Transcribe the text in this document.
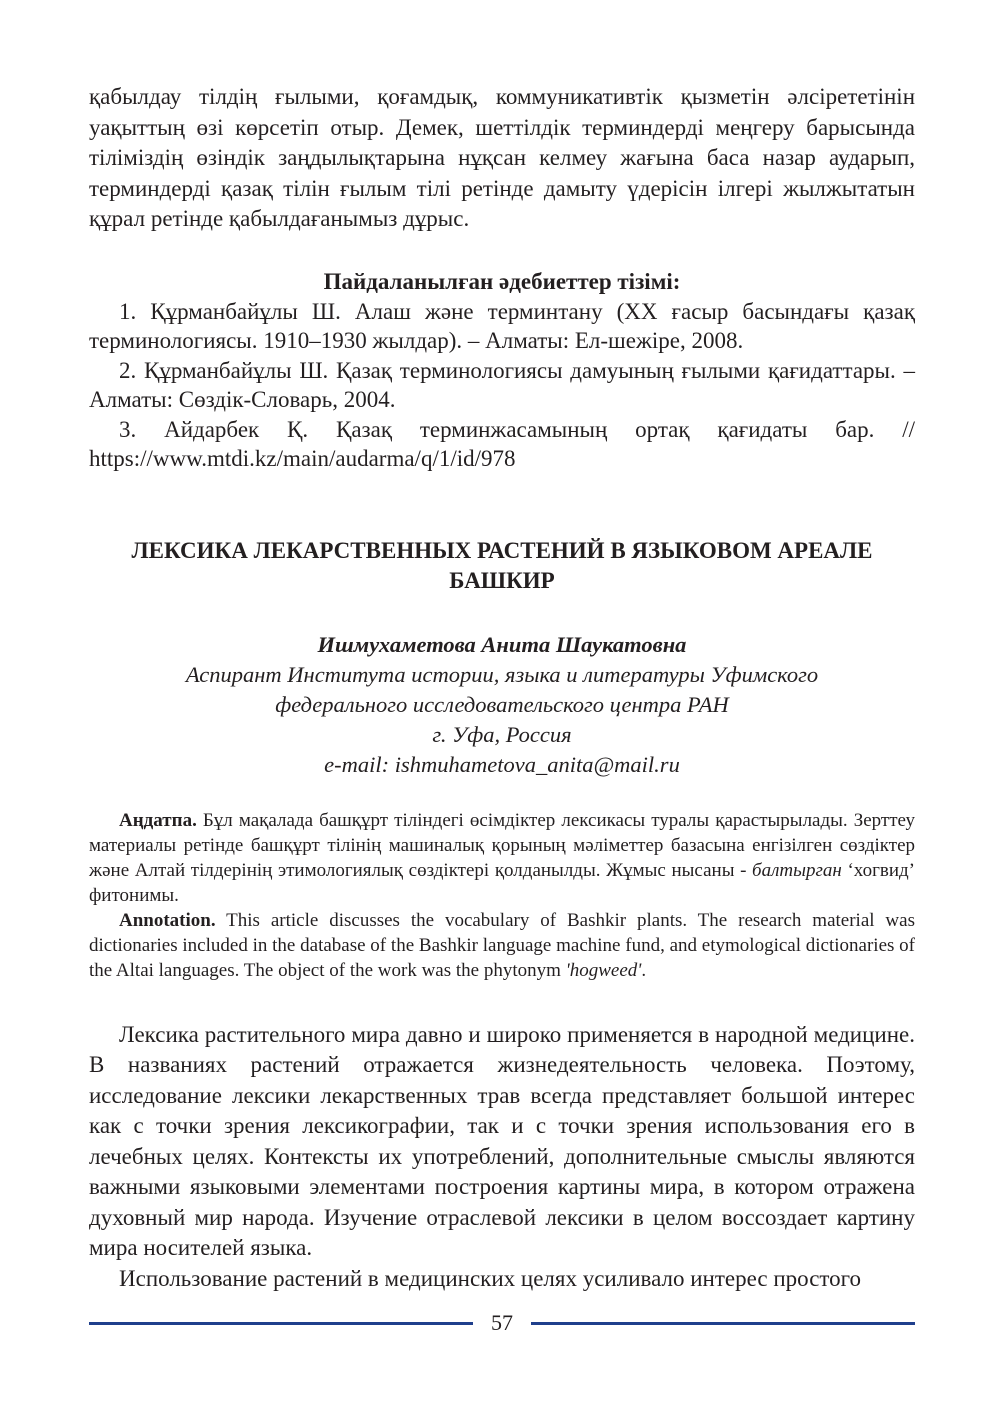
қабылдау тілдің ғылыми, қоғамдық, коммуникативтік қызметін әлсірететінін уақыттың өзі көрсетіп отыр. Демек, шеттілдік терминдерді меңгеру барысында тіліміздің өзіндік заңдылықтарына нұқсан келмеу жағына баса назар аударып, терминдерді қазақ тілін ғылым тілі ретінде дамыту үдерісін ілгері жылжытатын құрал ретінде қабылдағанымыз дұрыс.

Пайдаланылған әдебиеттер тізімі:

1. Құрманбайұлы Ш. Алаш және терминтану (XX ғасыр басындағы қазақ терминологиясы. 1910–1930 жылдар). – Алматы: Ел-шежіре, 2008.

2. Құрманбайұлы Ш. Қазақ терминологиясы дамуының ғылыми қағидаттары. – Алматы: Сөздік-Словарь, 2004.

3. Айдарбек Қ. Қазақ терминжасамының ортақ қағидаты бар. // https://www.mtdi.kz/main/audarma/q/1/id/978

ЛЕКСИКА ЛЕКАРСТВЕННЫХ РАСТЕНИЙ В ЯЗЫКОВОМ АРЕАЛЕ БАШКИР
Ишмухаметова Анита Шаукатовна
Аспирант Института истории, языка и литературы Уфимского
федерального исследовательского центра РАН
г. Уфа, Россия
e-mail: ishmuhametova_anita@mail.ru

Аңдатпа. Бұл мақалада башқұрт тіліндегі өсімдіктер лексикасы туралы қарастырылады. Зерттеу материалы ретінде башқұрт тілінің машиналық қорының мәліметтер базасына енгізілген сөздіктер және Алтай тілдерінің этимологиялық сөздіктері қолданылды. Жұмыс нысаны - балтырган ‘хогвид’ фитонимы.

Annotation. This article discusses the vocabulary of Bashkir plants. The research material was dictionaries included in the database of the Bashkir language machine fund, and etymological dictionaries of the Altai languages. The object of the work was the phytonym 'hogweed'.

Лексика растительного мира давно и широко применяется в народной медицине. В названиях растений отражается жизнедеятельность человека. Поэтому, исследование лексики лекарственных трав всегда представляет большой интерес как с точки зрения лексикографии, так и с точки зрения использования его в лечебных целях. Контексты их употреблений, дополнительные смыслы являются важными языковыми элементами построения картины мира, в котором отражена духовный мир народа. Изучение отраслевой лексики в целом воссоздает картину мира носителей языка.

Использование растений в медицинских целях усиливало интерес простого

57
